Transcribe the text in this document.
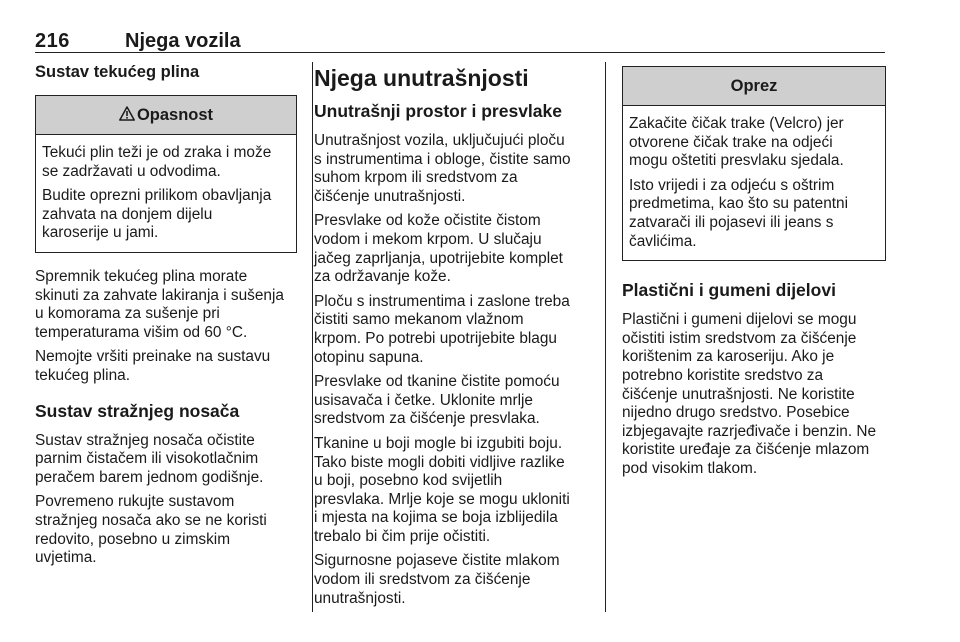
216	Njega vozila
Sustav tekućeg plina
Opasnost

Tekući plin teži je od zraka i može
se zadržavati u odvodima.

Budite oprezni prilikom obavljanja
zahvata na donjem dijelu
karoserije u jami.

Spremnik tekućeg plina morate
skinuti za zahvate lakiranja i sušenja
u komorama za sušenje pri
temperaturama višim od 60 °C.

Nemojte vršiti preinake na sustavu
tekućeg plina.

Sustav stražnjeg nosača

Sustav stražnjeg nosača očistite
parnim čistačem ili visokotlačnim
peračem barem jednom godišnje.

Povremeno rukujte sustavom
stražnjeg nosača ako se ne koristi
redovito, posebno u zimskim
uvjetima.

Njega unutrašnjosti
Unutrašnji prostor i presvlake

Unutrašnjost vozila, uključujući ploču
s instrumentima i obloge, čistite samo
suhom krpom ili sredstvom za
čišćenje unutrašnjosti.

Presvlake od kože očistite čistom
vodom i mekom krpom. U slučaju
jačeg zaprljanja, upotrijebite komplet
za održavanje kože.

Ploču s instrumentima i zaslone treba
čistiti samo mekanom vlažnom
krpom. Po potrebi upotrijebite blagu
otopinu sapuna.

Presvlake od tkanine čistite pomoću
usisavača i četke. Uklonite mrlje
sredstvom za čišćenje presvlaka.

Tkanine u boji mogle bi izgubiti boju.
Tako biste mogli dobiti vidljive razlike
u boji, posebno kod svijetlih
presvlaka. Mrlje koje se mogu ukloniti
i mjesta na kojima se boja izblijedila
trebalo bi čim prije očistiti.

Sigurnosne pojaseve čistite mlakom
vodom ili sredstvom za čišćenje
unutrašnjosti.

Oprez

Zakačite čičak trake (Velcro) jer
otvorene čičak trake na odjeći
mogu oštetiti presvlaku sjedala.

Isto vrijedi i za odjeću s oštrim
predmetima, kao što su patentni
zatvarači ili pojasevi ili jeans s
čavlićima.

Plastični i gumeni dijelovi

Plastični i gumeni dijelovi se mogu
očistiti istim sredstvom za čišćenje
korištenim za karoseriju. Ako je
potrebno koristite sredstvo za
čišćenje unutrašnjosti. Ne koristite
nijedno drugo sredstvo. Posebice
izbjegavajte razrjeđivače i benzin. Ne
koristite uređaje za čišćenje mlazom
pod visokim tlakom.
